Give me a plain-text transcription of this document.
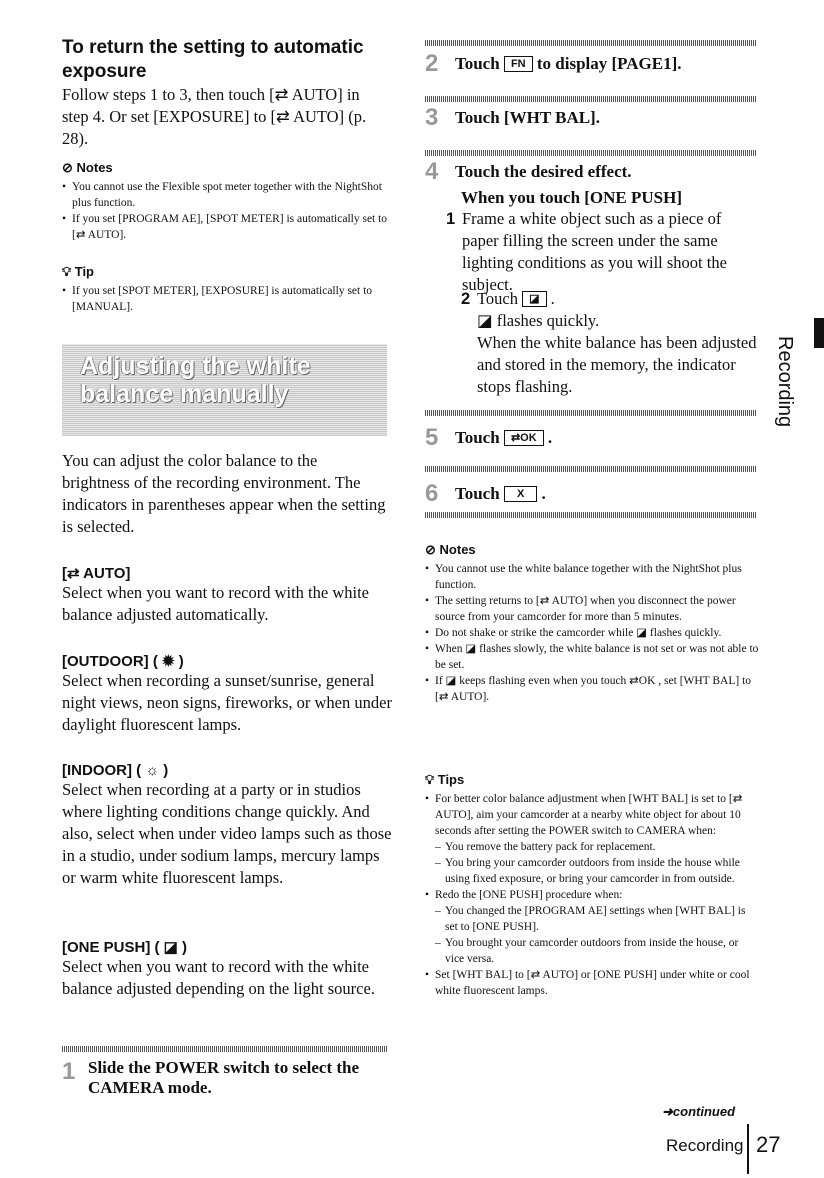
To return the setting to automatic exposure
Follow steps 1 to 3, then touch [⇄ AUTO] in step 4. Or set [EXPOSURE] to [⇄ AUTO] (p. 28).
⊘ Notes
• You cannot use the Flexible spot meter together with the NightShot plus function.
• If you set [PROGRAM AE], [SPOT METER] is automatically set to [⇄ AUTO].
💡︎ Tip
• If you set [SPOT METER], [EXPOSURE] is automatically set to [MANUAL].
Adjusting the white balance manually
You can adjust the color balance to the brightness of the recording environment. The indicators in parentheses appear when the setting is selected.
[⇄ AUTO]
Select when you want to record with the white balance adjusted automatically.
[OUTDOOR] ( ✹ )
Select when recording a sunset/sunrise, general night views, neon signs, fireworks, or when under daylight fluorescent lamps.
[INDOOR] ( ☼ )
Select when recording at a party or in studios where lighting conditions change quickly. And also, select when under video lamps such as those in a studio, under sodium lamps, mercury lamps or warm white fluorescent lamps.
[ONE PUSH] ( ◪ )
Select when you want to record with the white balance adjusted depending on the light source.
1 Slide the POWER switch to select the CAMERA mode.
2 Touch FN to display [PAGE1].
3 Touch [WHT BAL].
4 Touch the desired effect.
When you touch [ONE PUSH]
1 Frame a white object such as a piece of paper filling the screen under the same lighting conditions as you will shoot the subject.
2 Touch ◪ .
◪ flashes quickly.
When the white balance has been adjusted and stored in the memory, the indicator stops flashing.
5 Touch ⇄OK .
6 Touch X .
⊘ Notes
• You cannot use the white balance together with the NightShot plus function.
• The setting returns to [⇄ AUTO] when you disconnect the power source from your camcorder for more than 5 minutes.
• Do not shake or strike the camcorder while ◪ flashes quickly.
• When ◪ flashes slowly, the white balance is not set or was not able to be set.
• If ◪ keeps flashing even when you touch ⇄OK , set [WHT BAL] to [⇄ AUTO].
💡︎ Tips
• For better color balance adjustment when [WHT BAL] is set to [⇄ AUTO], aim your camcorder at a nearby white object for about 10 seconds after setting the POWER switch to CAMERA when:
– You remove the battery pack for replacement.
– You bring your camcorder outdoors from inside the house while using fixed exposure, or bring your camcorder in from outside.
• Redo the [ONE PUSH] procedure when:
– You changed the [PROGRAM AE] settings when [WHT BAL] is set to [ONE PUSH].
– You brought your camcorder outdoors from inside the house, or vice versa.
• Set [WHT BAL] to [⇄ AUTO] or [ONE PUSH] under white or cool white fluorescent lamps.
➜continued
Recording
Recording 27
